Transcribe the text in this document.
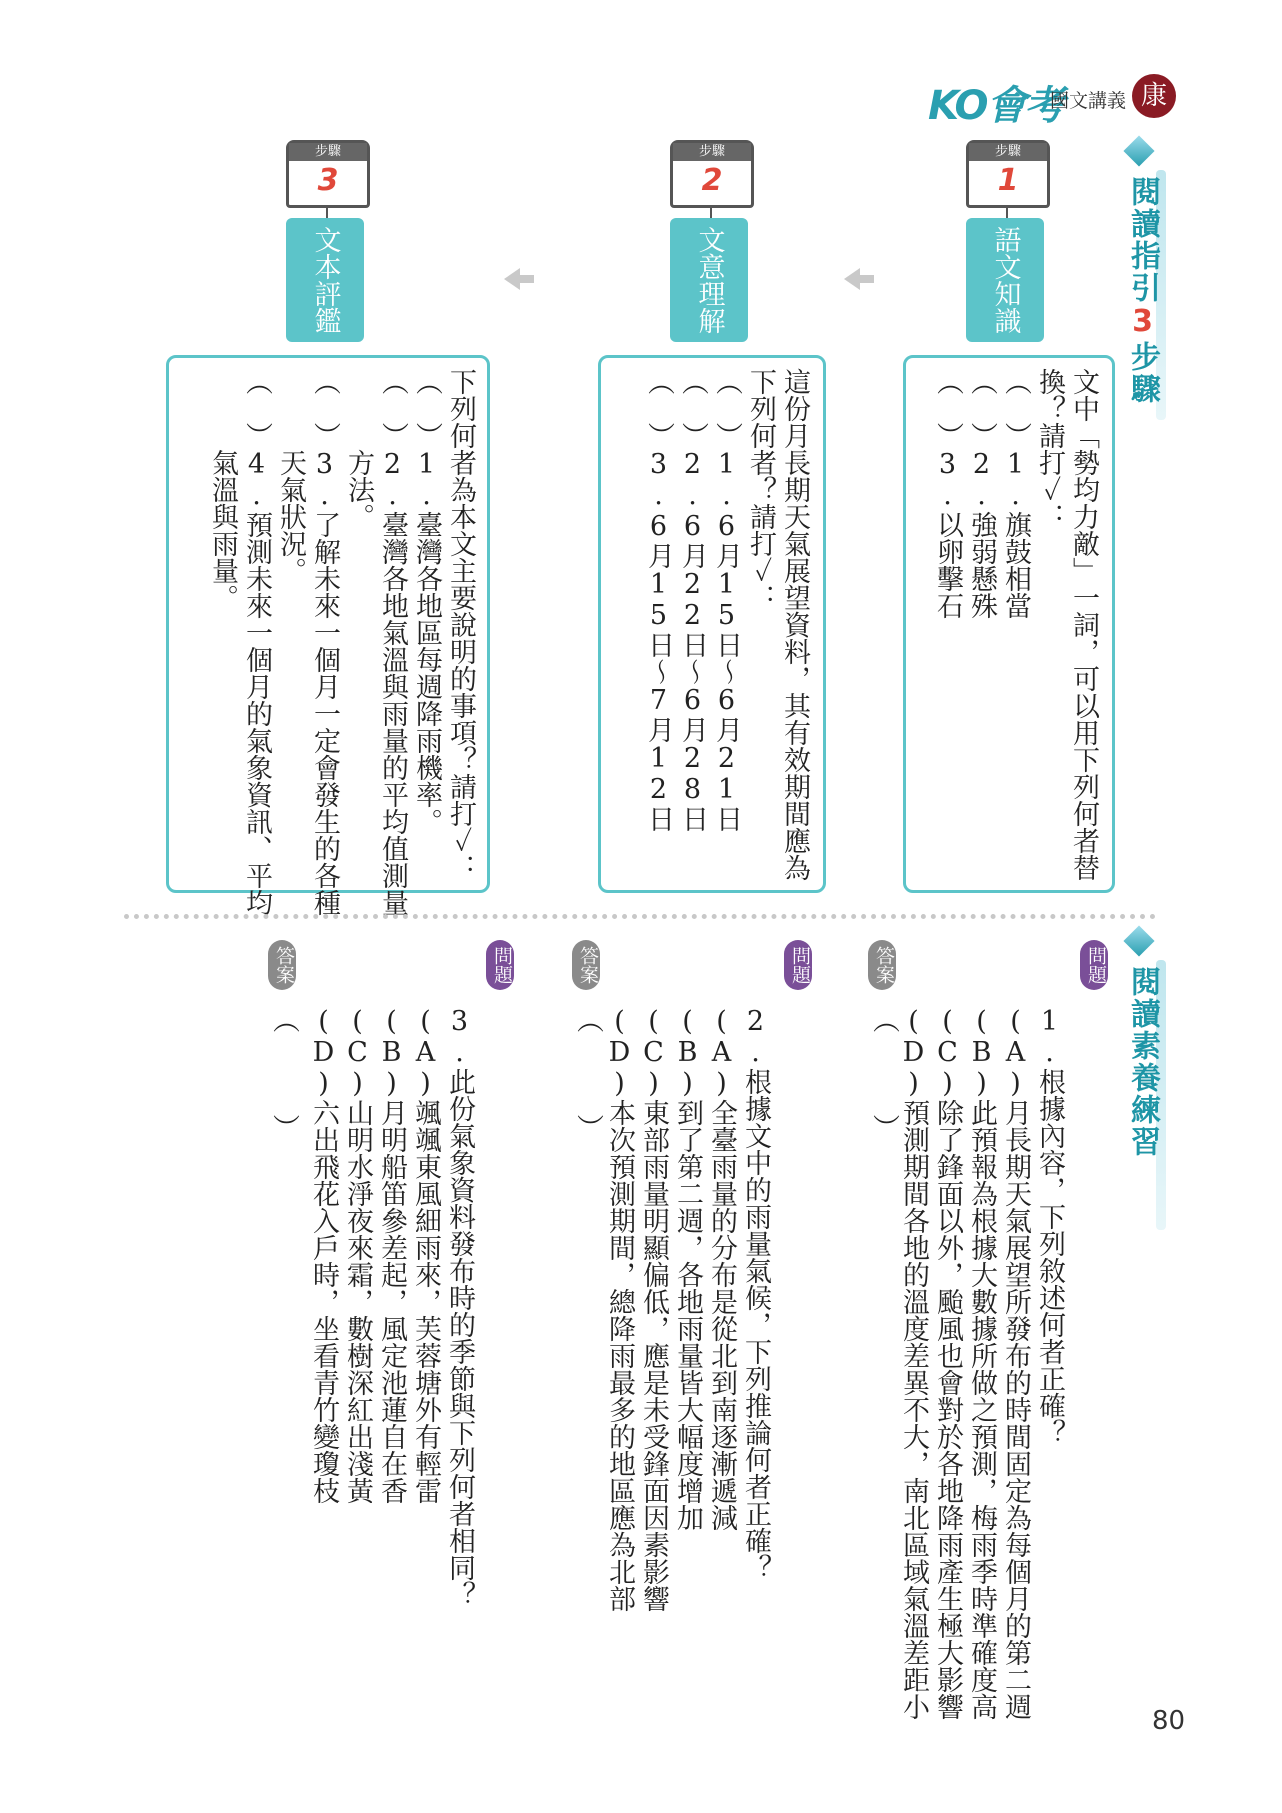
KO會考
國文講義 康
閱讀指引3步驟
步驟
1
語文知識
文中「勢均力敵」一詞，可以用下列何者替
換？請打✓：
（　）1.旗鼓相當
（　）2.強弱懸殊
（　）3.以卵擊石
步驟
2
文意理解
這份月長期天氣展望資料，其有效期間應為
下列何者？請打✓：
（　）1.6月15日～6月21日
（　）2.6月22日～6月28日
（　）3.6月15日～7月12日
步驟
3
文本評鑑
下列何者為本文主要說明的事項？請打✓：
（　）1.臺灣各地區每週降雨機率。
（　）2.臺灣各地氣溫與雨量的平均值測量
　　　方法。
（　）3.了解未來一個月一定會發生的各種
　　　天氣狀況。
（　）4.預測未來一個月的氣象資訊、平均
　　　氣溫與雨量。
閱讀素養練習
問題
1.根據內容，下列敘述何者正確？
(A)月長期天氣展望所發布的時間固定為每個月的第二週
(B)此預報為根據大數據所做之預測，梅雨季時準確度高
(C)除了鋒面以外，颱風也會對於各地降雨產生極大影響
(D)預測期間各地的溫度差異不大，南北區域氣溫差距小
答案
（　　　）
問題
2.根據文中的雨量氣候，下列推論何者正確？
(A)全臺雨量的分布是從北到南逐漸遞減
(B)到了第二週，各地雨量皆大幅度增加
(C)東部雨量明顯偏低，應是未受鋒面因素影響
(D)本次預測期間，總降雨最多的地區應為北部
答案
（　　　）
問題
3.此份氣象資料發布時的季節與下列何者相同？
(A)颯颯東風細雨來，芙蓉塘外有輕雷
(B)月明船笛參差起，風定池蓮自在香
(C)山明水淨夜來霜，數樹深紅出淺黃
(D)六出飛花入戶時，坐看青竹變瓊枝
答案
（　　　）
80
